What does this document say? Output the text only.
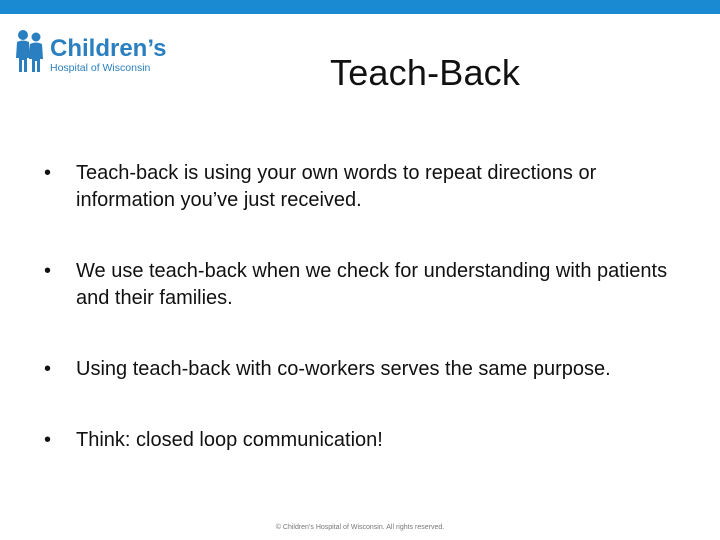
Children’s
Hospital of Wisconsin	Teach-Back
•	Teach-back is using your own words to repeat directions or information you’ve just received.
•	We use teach-back when we check for understanding with patients and their families.
•	Using teach-back with co-workers serves the same purpose.
•	Think: closed loop communication!
© Children’s Hospital of Wisconsin. All rights reserved.
